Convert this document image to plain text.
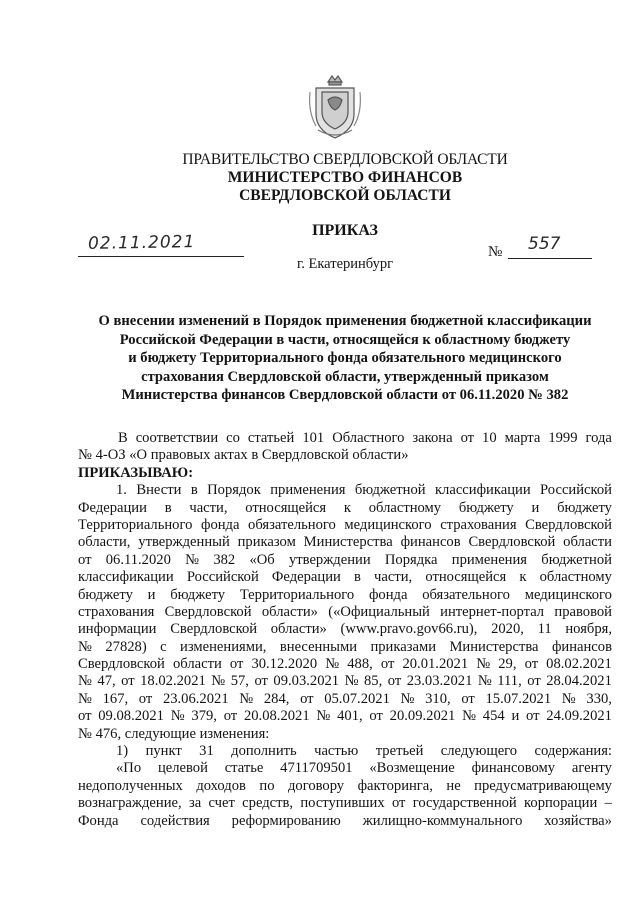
ПРАВИТЕЛЬСТВО СВЕРДЛОВСКОЙ ОБЛАСТИ
МИНИСТЕРСТВО ФИНАНСОВ
СВЕРДЛОВСКОЙ ОБЛАСТИ
ПРИКАЗ
02.11.2021	№ 557
г. Екатеринбург
О внесении изменений в Порядок применения бюджетной классификации
Российской Федерации в части, относящейся к областному бюджету
и бюджету Территориального фонда обязательного медицинского
страхования Свердловской области, утвержденный приказом
Министерства финансов Свердловской области от 06.11.2020 № 382
В соответствии со статьей 101 Областного закона от 10 марта 1999 года
№ 4-ОЗ «О правовых актах в Свердловской области»
ПРИКАЗЫВАЮ:
1. Внести в Порядок применения бюджетной классификации Российской
Федерации в части, относящейся к областному бюджету и бюджету
Территориального фонда обязательного медицинского страхования Свердловской
области, утвержденный приказом Министерства финансов Свердловской области
от 06.11.2020 № 382 «Об утверждении Порядка применения бюджетной
классификации Российской Федерации в части, относящейся к областному
бюджету и бюджету Территориального фонда обязательного медицинского
страхования Свердловской области» («Официальный интернет-портал правовой
информации Свердловской области» (www.pravo.gov66.ru), 2020, 11 ноября,
№ 27828) с изменениями, внесенными приказами Министерства финансов
Свердловской области от 30.12.2020 № 488, от 20.01.2021 № 29, от 08.02.2021
№ 47, от 18.02.2021 № 57, от 09.03.2021 № 85, от 23.03.2021 № 111, от 28.04.2021
№ 167, от 23.06.2021 № 284, от 05.07.2021 № 310, от 15.07.2021 № 330,
от 09.08.2021 № 379, от 20.08.2021 № 401, от 20.09.2021 № 454 и от 24.09.2021
№ 476, следующие изменения:
1) пункт 31 дополнить частью третьей следующего содержания:
«По целевой статье 4711709501 «Возмещение финансовому агенту
недополученных доходов по договору факторинга, не предусматривающему
вознаграждение, за счет средств, поступивших от государственной корпорации –
Фонда содействия реформированию жилищно-коммунального хозяйства»
